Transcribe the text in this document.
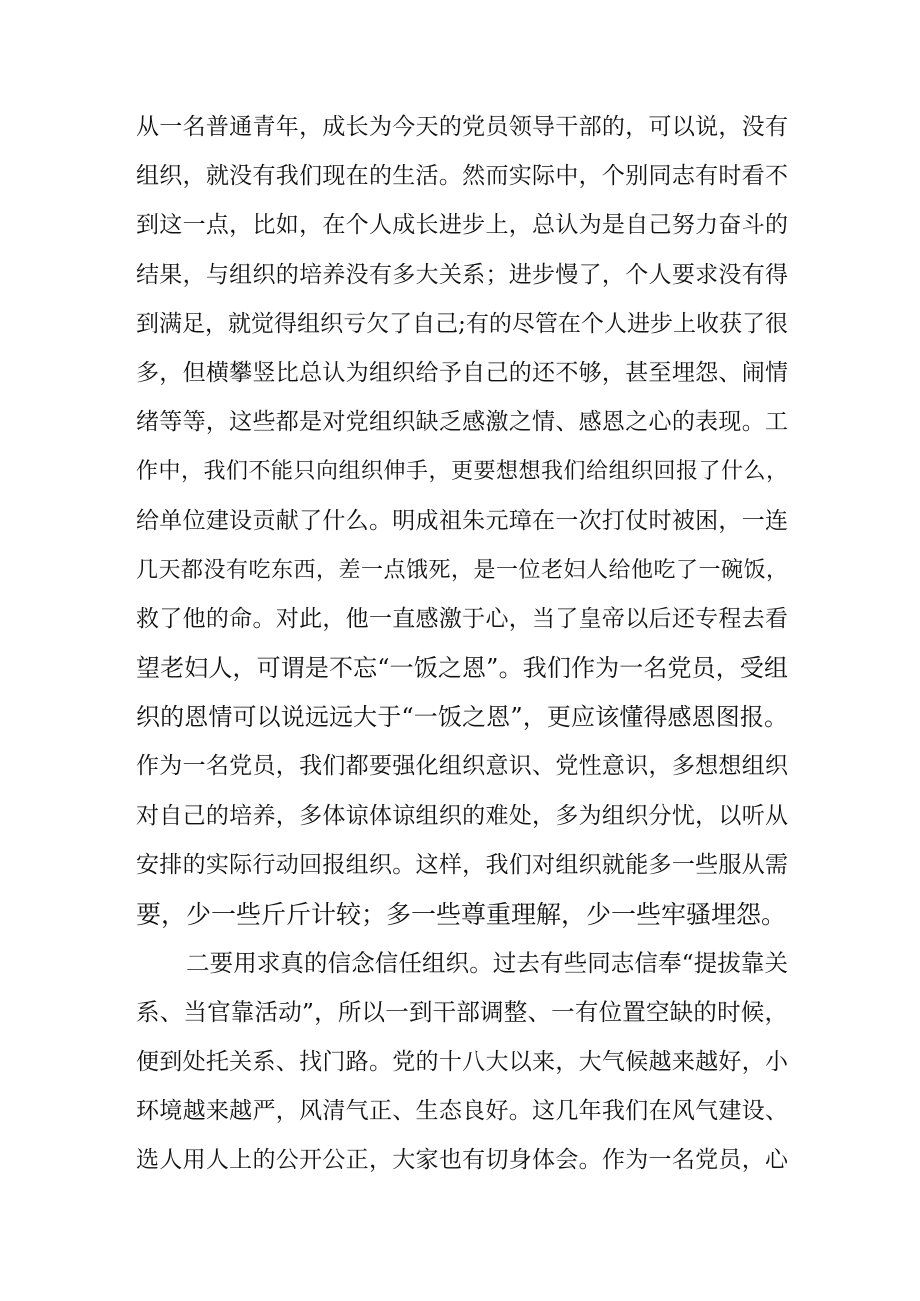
从一名普通青年，成长为今天的党员领导干部的，可以说，没有
组织，就没有我们现在的生活。然而实际中，个别同志有时看不
到这一点，比如，在个人成长进步上，总认为是自己努力奋斗的
结果，与组织的培养没有多大关系；进步慢了，个人要求没有得
到满足，就觉得组织亏欠了自己;有的尽管在个人进步上收获了很
多，但横攀竖比总认为组织给予自己的还不够，甚至埋怨、闹情
绪等等，这些都是对党组织缺乏感激之情、感恩之心的表现。工
作中，我们不能只向组织伸手，更要想想我们给组织回报了什么，
给单位建设贡献了什么。明成祖朱元璋在一次打仗时被困，一连
几天都没有吃东西，差一点饿死，是一位老妇人给他吃了一碗饭，
救了他的命。对此，他一直感激于心，当了皇帝以后还专程去看
望老妇人，可谓是不忘“一饭之恩”。我们作为一名党员，受组
织的恩情可以说远远大于“一饭之恩”，更应该懂得感恩图报。
作为一名党员，我们都要强化组织意识、党性意识，多想想组织
对自己的培养，多体谅体谅组织的难处，多为组织分忧，以听从
安排的实际行动回报组织。这样，我们对组织就能多一些服从需
要，少一些斤斤计较；多一些尊重理解，少一些牢骚埋怨。
二要用求真的信念信任组织。过去有些同志信奉“提拔靠关
系、当官靠活动”，所以一到干部调整、一有位置空缺的时候，
便到处托关系、找门路。党的十八大以来，大气候越来越好，小
环境越来越严，风清气正、生态良好。这几年我们在风气建设、
选人用人上的公开公正，大家也有切身体会。作为一名党员，心
